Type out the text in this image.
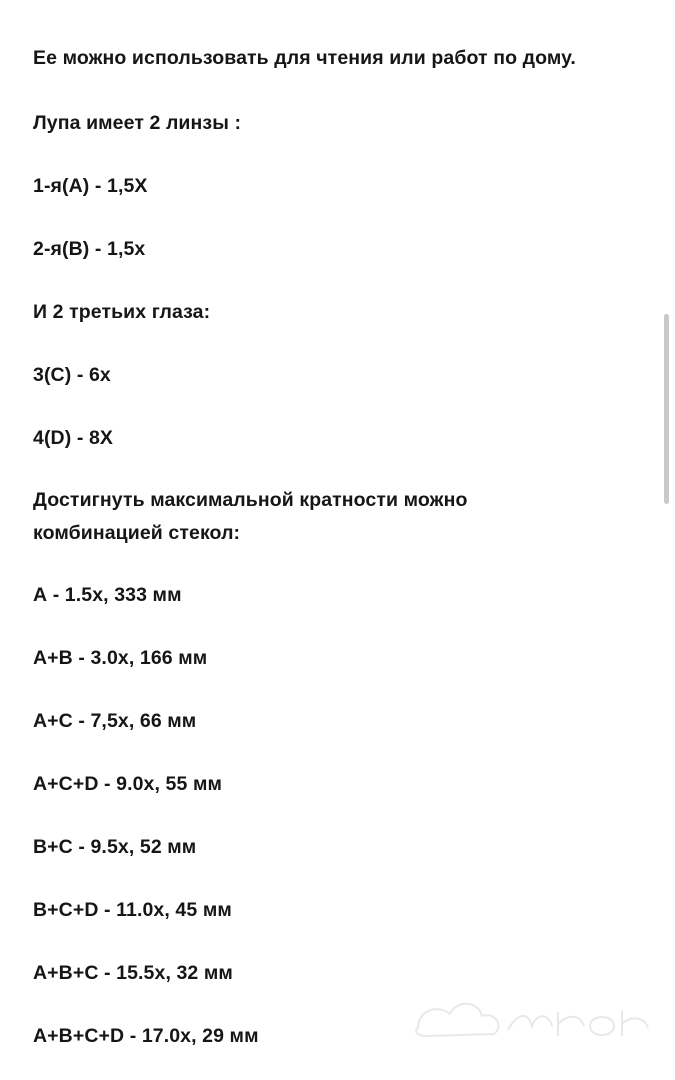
Ее можно использовать для чтения или работ по дому.
Лупа имеет 2 линзы :
1-я(А) - 1,5Х
2-я(В) - 1,5х
И 2 третьих глаза:
3(С) - 6х
4(D) - 8X
Достигнуть максимальной кратности можно
комбинацией стекол:
А - 1.5х, 333 мм
А+В - 3.0х, 166 мм
А+С - 7,5х, 66 мм
А+С+D - 9.0х, 55 мм
В+С - 9.5х, 52 мм
В+С+D - 11.0х, 45 мм
А+В+С - 15.5х, 32 мм
А+В+С+D - 17.0х, 29 мм
